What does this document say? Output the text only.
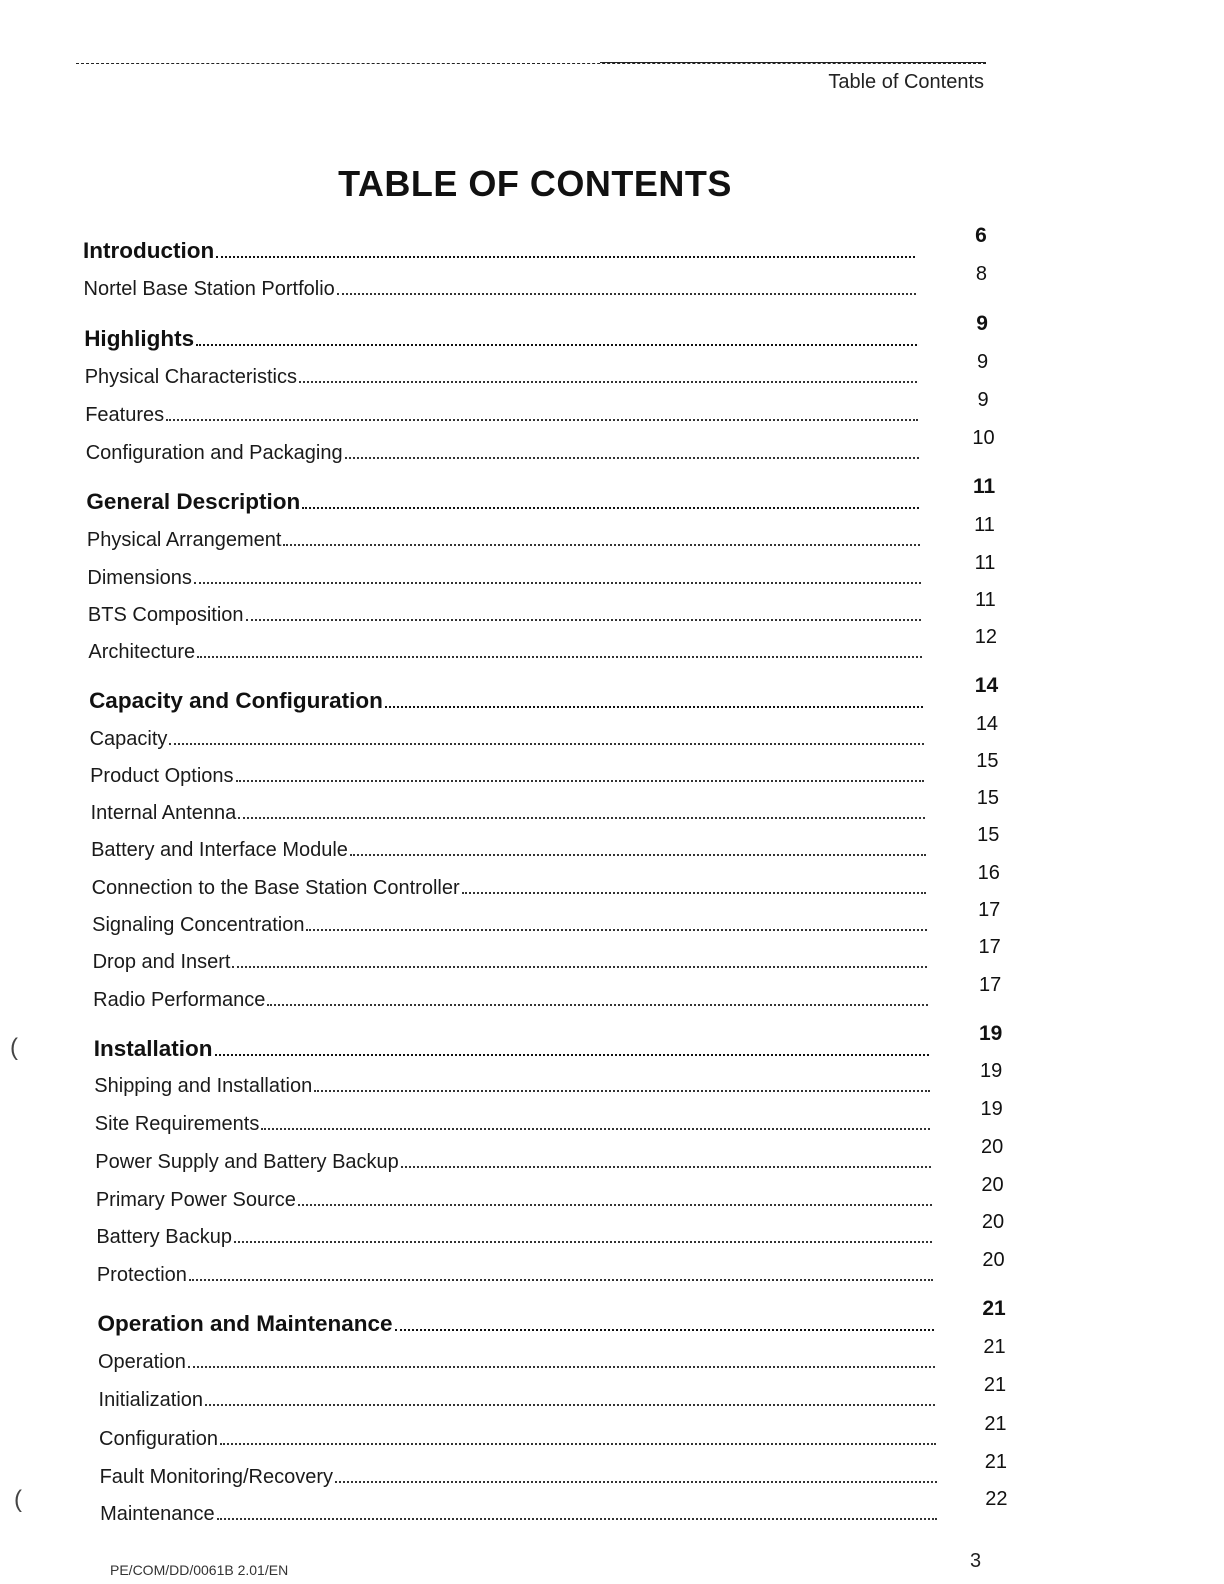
Table of Contents
TABLE OF CONTENTS
Introduction
6
Nortel Base Station Portfolio
8
Highlights
9
Physical Characteristics
9
Features
9
Configuration and Packaging
10
General Description
11
Physical Arrangement
11
Dimensions
11
BTS Composition
11
Architecture
12
Capacity and Configuration
14
Capacity
14
Product Options
15
Internal Antenna
15
Battery and Interface Module
15
Connection to the Base Station Controller
16
Signaling Concentration
17
Drop and Insert
17
Radio Performance
17
Installation
19
Shipping and Installation
19
Site Requirements
19
Power Supply and Battery Backup
20
Primary Power Source
20
Battery Backup
20
Protection
20
Operation and Maintenance
21
Operation
21
Initialization
21
Configuration
21
Fault Monitoring/Recovery
21
Maintenance
22
(
(
PE/COM/DD/0061B 2.01/EN	3
